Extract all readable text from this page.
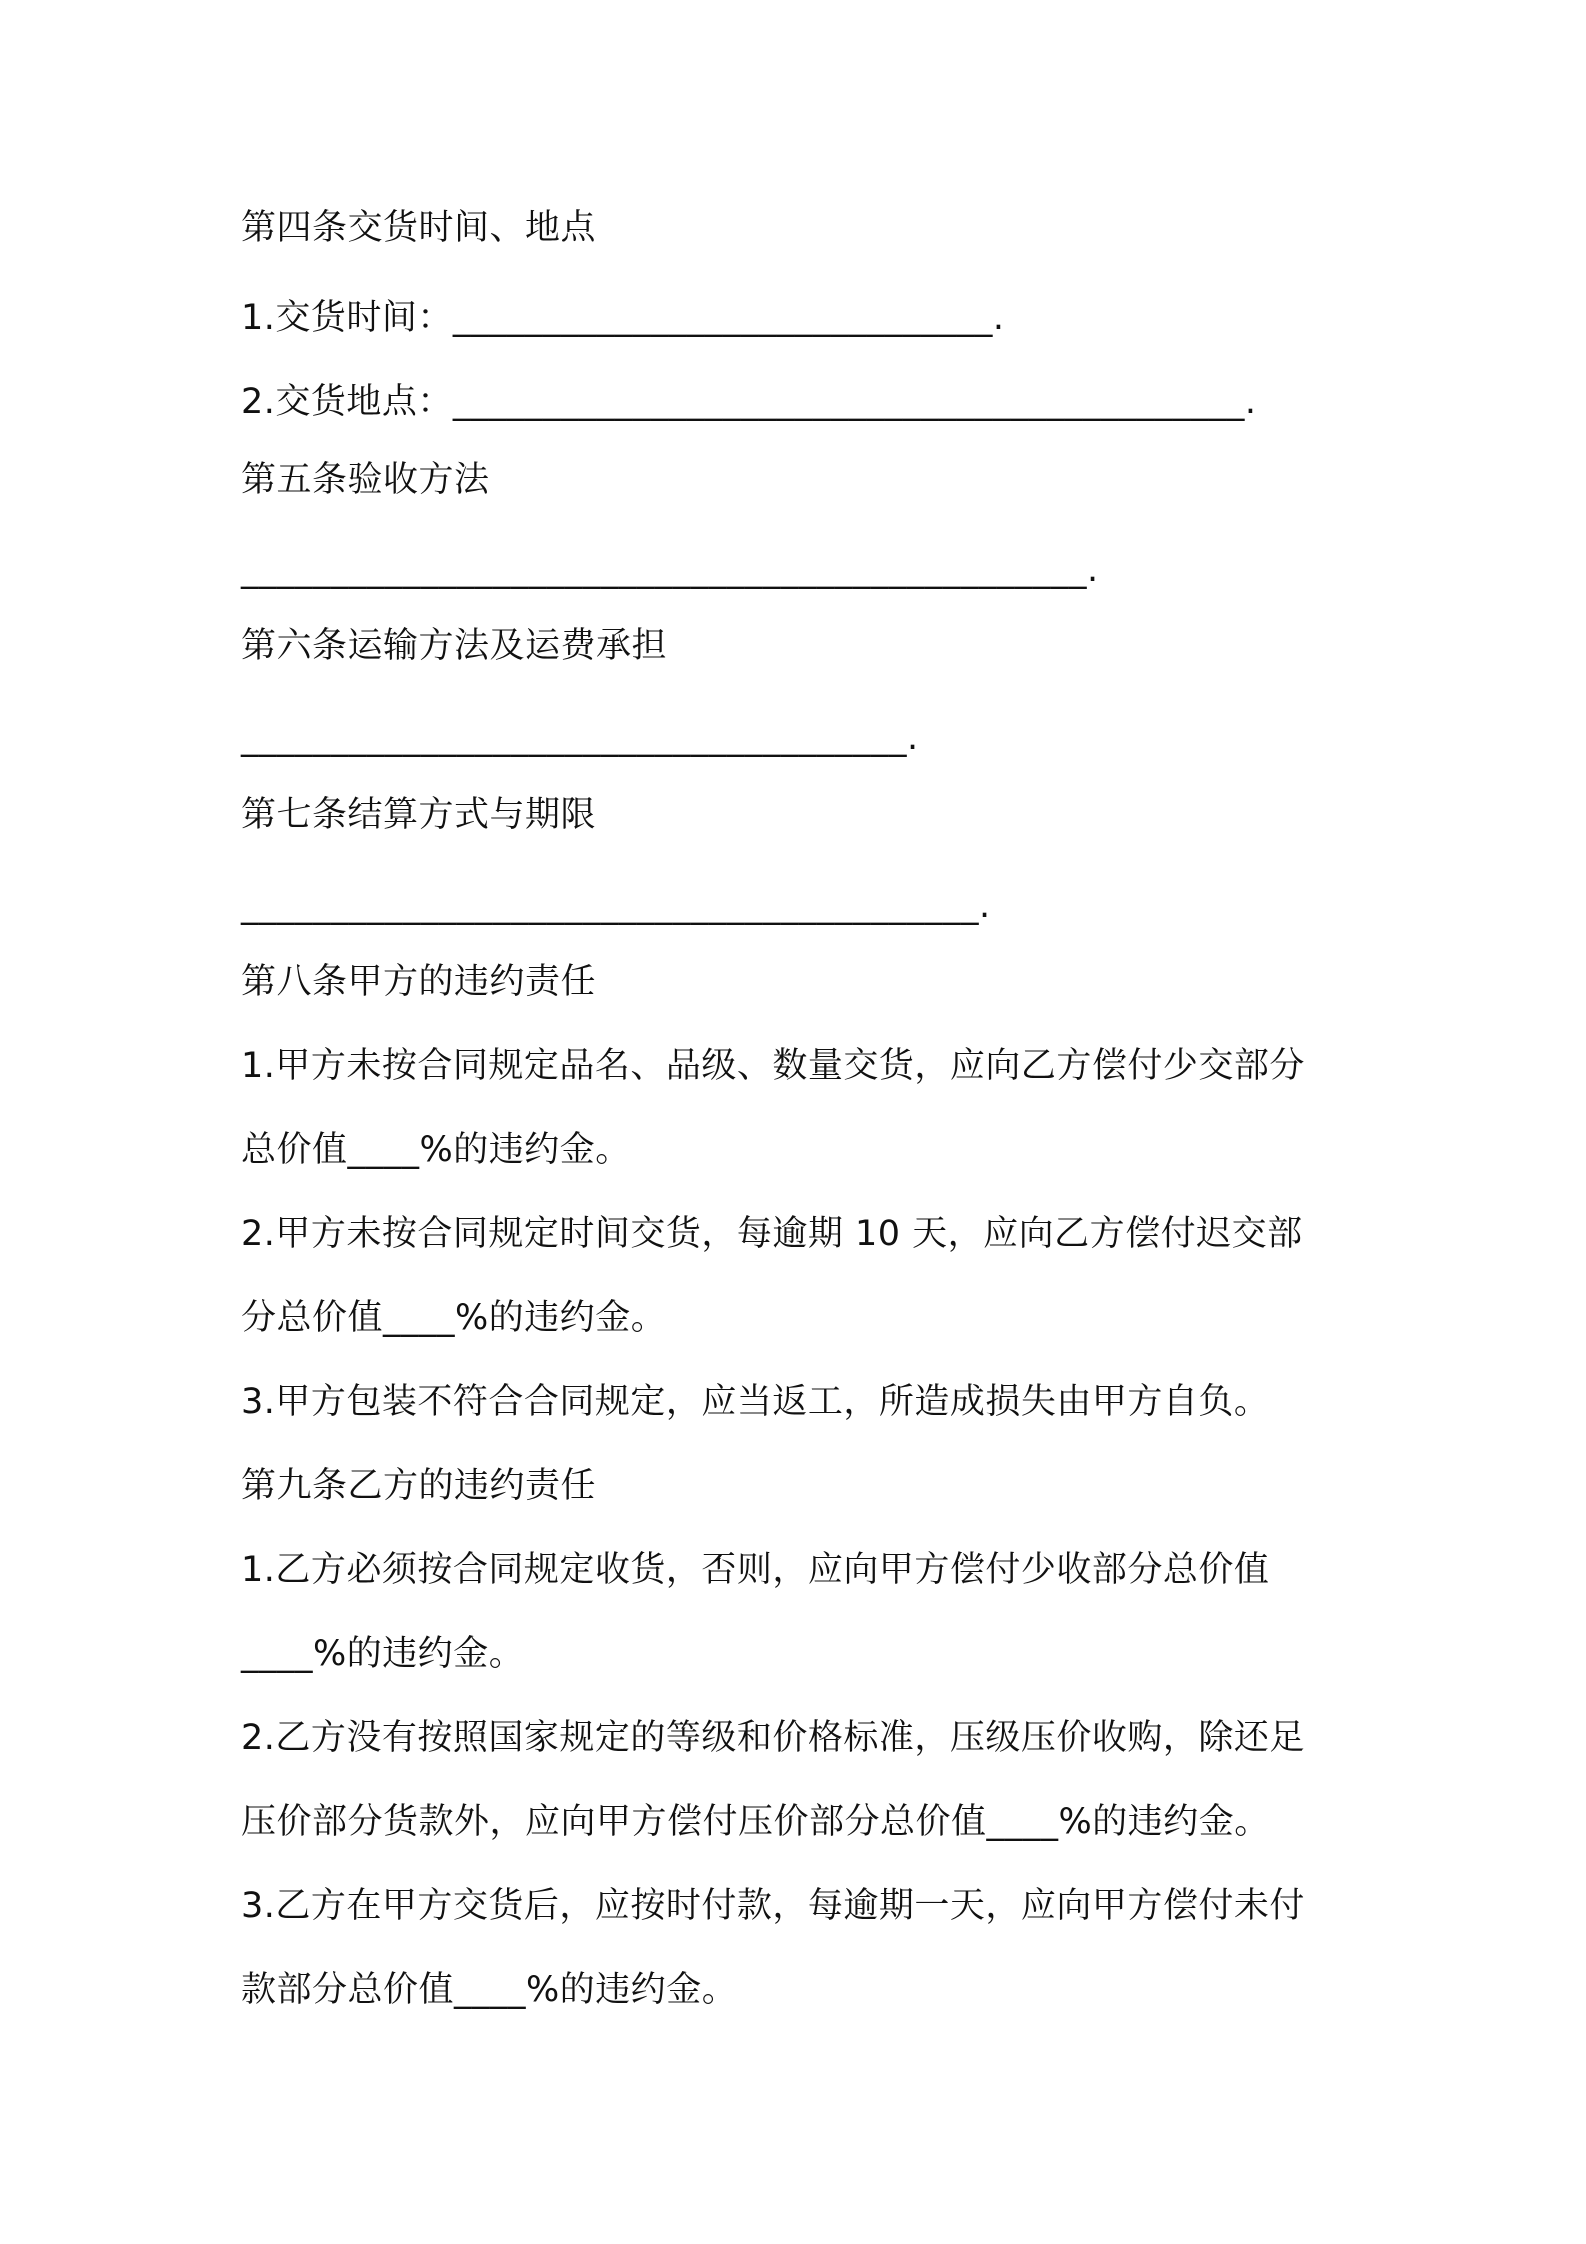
第四条交货时间、地点
1.交货时间：______________________________.
2.交货地点：____________________________________________.
第五条验收方法
_______________________________________________.
第六条运输方法及运费承担
_____________________________________.
第七条结算方式与期限
_________________________________________.
第八条甲方的违约责任
1.甲方未按合同规定品名、品级、数量交货，应向乙方偿付少交部分
总价值____%的违约金。
2.甲方未按合同规定时间交货，每逾期 10 天，应向乙方偿付迟交部
分总价值____%的违约金。
3.甲方包装不符合合同规定，应当返工，所造成损失由甲方自负。
第九条乙方的违约责任
1.乙方必须按合同规定收货，否则，应向甲方偿付少收部分总价值
____%的违约金。
2.乙方没有按照国家规定的等级和价格标准，压级压价收购，除还足
压价部分货款外，应向甲方偿付压价部分总价值____%的违约金。
3.乙方在甲方交货后，应按时付款，每逾期一天，应向甲方偿付未付
款部分总价值____%的违约金。
